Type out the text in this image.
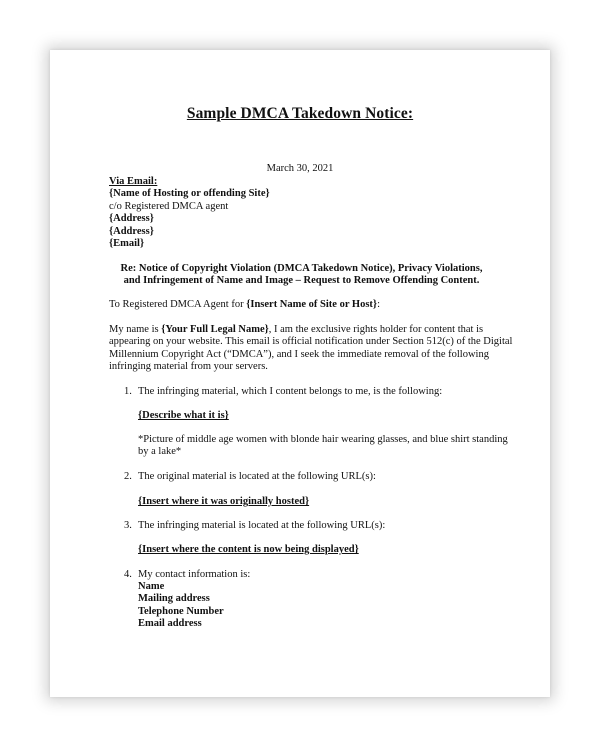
Sample DMCA Takedown Notice:
March 30, 2021
Via Email:
{Name of Hosting or offending Site}
c/o Registered DMCA agent
{Address}
{Address}
{Email}
Re: Notice of Copyright Violation (DMCA Takedown Notice), Privacy Violations,
and Infringement of Name and Image – Request to Remove Offending Content.
To Registered DMCA Agent for {Insert Name of Site or Host}:
My name is {Your Full Legal Name}, I am the exclusive rights holder for content that is
appearing on your website. This email is official notification under Section 512(c) of the Digital
Millennium Copyright Act (“DMCA”), and I seek the immediate removal of the following
infringing material from your servers.
1. The infringing material, which I content belongs to me, is the following:
{Describe what it is}
*Picture of middle age women with blonde hair wearing glasses, and blue shirt standing
by a lake*
2. The original material is located at the following URL(s):
{Insert where it was originally hosted}
3. The infringing material is located at the following URL(s):
{Insert where the content is now being displayed}
4. My contact information is:
Name
Mailing address
Telephone Number
Email address
